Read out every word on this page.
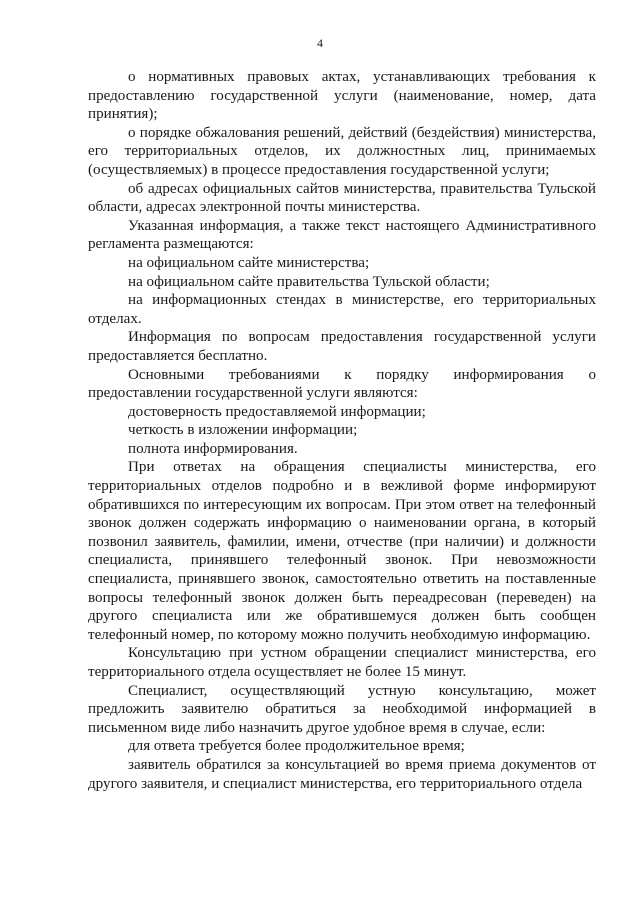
4

о нормативных правовых актах, устанавливающих требования к предоставлению государственной услуги (наименование, номер, дата принятия);

о порядке обжалования решений, действий (бездействия) министерства, его территориальных отделов, их должностных лиц, принимаемых (осуществляемых) в процессе предоставления государственной услуги;

об адресах официальных сайтов министерства, правительства Тульской области, адресах электронной почты министерства.

Указанная информация, а также текст настоящего Административного регламента размещаются:

на официальном сайте министерства;

на официальном сайте правительства Тульской области;

на информационных стендах в министерстве, его территориальных отделах.

Информация по вопросам предоставления государственной услуги предоставляется бесплатно.

Основными требованиями к порядку информирования о предоставлении государственной услуги являются:

достоверность предоставляемой информации;

четкость в изложении информации;

полнота информирования.

При ответах на обращения специалисты министерства, его территориальных отделов подробно и в вежливой форме информируют обратившихся по интересующим их вопросам. При этом ответ на телефонный звонок должен содержать информацию о наименовании органа, в который позвонил заявитель, фамилии, имени, отчестве (при наличии) и должности специалиста, принявшего телефонный звонок. При невозможности специалиста, принявшего звонок, самостоятельно ответить на поставленные вопросы телефонный звонок должен быть переадресован (переведен) на другого специалиста или же обратившемуся должен быть сообщен телефонный номер, по которому можно получить необходимую информацию.

Консультацию при устном обращении специалист министерства, его территориального отдела осуществляет не более 15 минут.

Специалист, осуществляющий устную консультацию, может предложить заявителю обратиться за необходимой информацией в письменном виде либо назначить другое удобное время в случае, если:

для ответа требуется более продолжительное время;

заявитель обратился за консультацией во время приема документов от другого заявителя, и специалист министерства, его территориального отдела
